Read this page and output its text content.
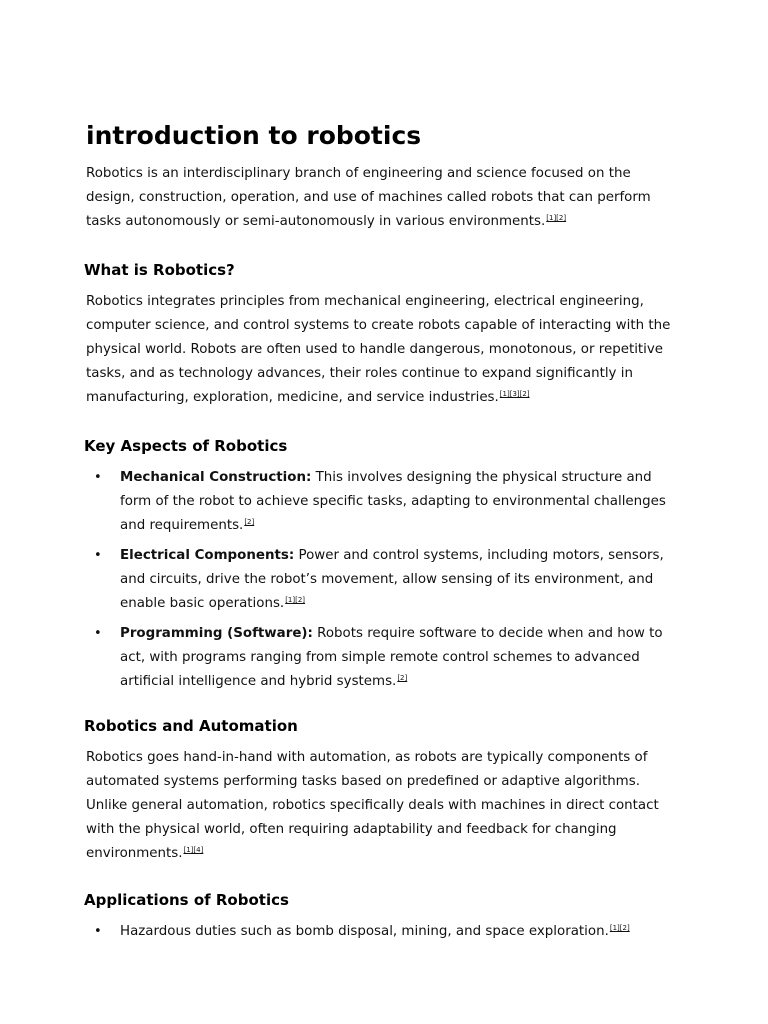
introduction to robotics

Robotics is an interdisciplinary branch of engineering and science focused on the design, construction, operation, and use of machines called robots that can perform tasks autonomously or semi-autonomously in various environments.[1][2]

What is Robotics?

Robotics integrates principles from mechanical engineering, electrical engineering, computer science, and control systems to create robots capable of interacting with the physical world. Robots are often used to handle dangerous, monotonous, or repetitive tasks, and as technology advances, their roles continue to expand significantly in manufacturing, exploration, medicine, and service industries.[1][3][2]

Key Aspects of Robotics
• Mechanical Construction: This involves designing the physical structure and form of the robot to achieve specific tasks, adapting to environmental challenges and requirements.[2]
• Electrical Components: Power and control systems, including motors, sensors, and circuits, drive the robot’s movement, allow sensing of its environment, and enable basic operations.[1][2]
• Programming (Software): Robots require software to decide when and how to act, with programs ranging from simple remote control schemes to advanced artificial intelligence and hybrid systems.[2]
Robotics and Automation

Robotics goes hand-in-hand with automation, as robots are typically components of automated systems performing tasks based on predefined or adaptive algorithms. Unlike general automation, robotics specifically deals with machines in direct contact with the physical world, often requiring adaptability and feedback for changing environments.[1][4]

Applications of Robotics
• Hazardous duties such as bomb disposal, mining, and space exploration.[1][2]
